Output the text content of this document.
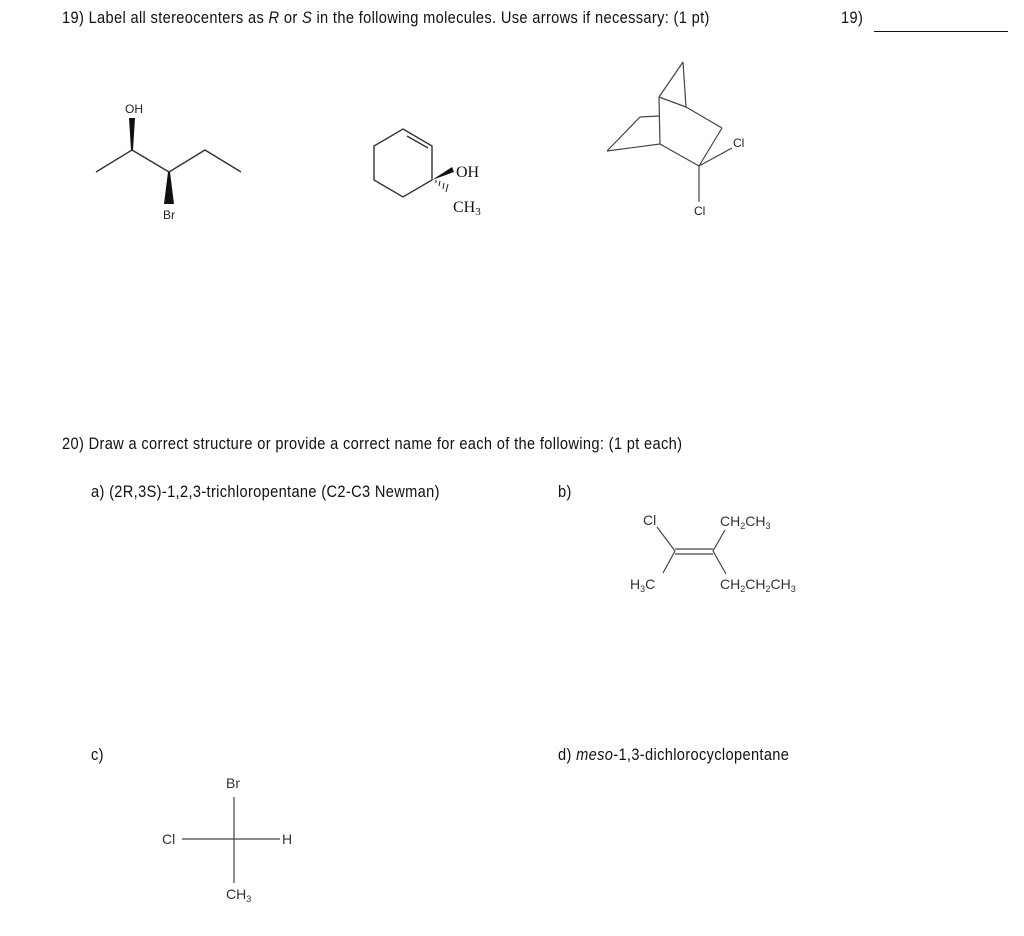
19) Label all stereocenters as R or S in the following molecules. Use arrows if necessary: (1 pt)	19)
OH
Br
OH
CH3
Cl
Cl
20) Draw a correct structure or provide a correct name for each of the following: (1 pt each)
a) (2R,3S)-1,2,3-trichloropentane (C2-C3 Newman)	b)
c)	d) meso-1,3-dichlorocyclopentane
Cl
$H_3C$
$CH_2CH_3$
$CH_2CH_2CH_3$
Br
Cl	H
$CH_3$
